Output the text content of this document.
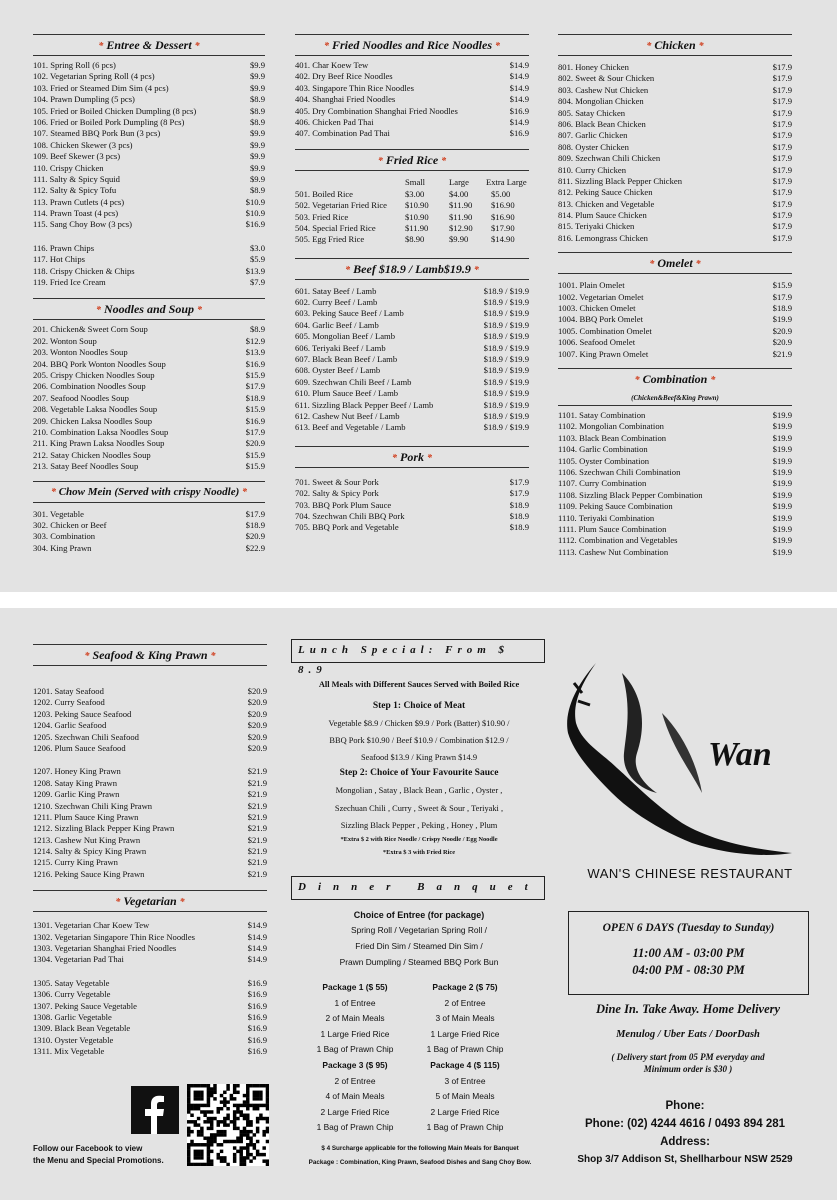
* Entree & Dessert *
101. Spring Roll (6 pcs)	$9.9
102. Vegetarian Spring Roll (4 pcs)	$9.9
103. Fried or Steamed Dim Sim (4 pcs)	$9.9
104. Prawn Dumpling (5 pcs)	$8.9
105. Fried or Boiled Chicken Dumpling (8 pcs)	$8.9
106. Fried or Boiled Pork Dumpling (8 Pcs)	$8.9
107. Steamed BBQ Pork Bun (3 pcs)	$9.9
108. Chicken Skewer (3 pcs)	$9.9
109. Beef Skewer (3 pcs)	$9.9
110. Crispy Chicken	$9.9
111. Salty & Spicy Squid	$9.9
112. Salty & Spicy Tofu	$8.9
113. Prawn Cutlets (4 pcs)	$10.9
114. Prawn Toast (4 pcs)	$10.9
115. Sang Choy Bow (3 pcs)	$16.9
116. Prawn Chips	$3.0
117. Hot Chips	$5.9
118. Crispy Chicken & Chips	$13.9
119. Fried Ice Cream	$7.9
* Noodles and Soup *
201. Chicken& Sweet Corn Soup	$8.9
202. Wonton Soup	$12.9
203. Wonton Noodles Soup	$13.9
204. BBQ Pork Wonton Noodles Soup	$16.9
205. Crispy Chicken Noodles Soup	$15.9
206. Combination Noodles Soup	$17.9
207. Seafood Noodles Soup	$18.9
208. Vegetable Laksa Noodles Soup	$15.9
209. Chicken Laksa Noodles Soup	$16.9
210. Combination Laksa Noodles Soup	$17.9
211. King Prawn Laksa Noodles Soup	$20.9
212. Satay Chicken Noodles Soup	$15.9
213. Satay Beef Noodles Soup	$15.9
* Chow Mein (Served with crispy Noodle) *
301. Vegetable	$17.9
302. Chicken or Beef	$18.9
303. Combination	$20.9
304. King Prawn	$22.9
* Fried Noodles and Rice Noodles *
401. Char Koew Tew	$14.9
402. Dry Beef Rice Noodles	$14.9
403. Singapore Thin Rice Noodles	$14.9
404. Shanghai Fried Noodles	$14.9
405. Dry Combination Shanghai Fried Noodles	$16.9
406. Chicken Pad Thai	$14.9
407. Combination Pad Thai	$16.9
* Fried Rice *
Small	Large Extra Large
501. Boiled Rice	$3.00	$4.00	$5.00
502. Vegetarian Fried Rice $10.90 $11.90 $16.90
503. Fried Rice	$10.90 $11.90 $16.90
504. Special Fried Rice	$11.90 $12.90 $17.90
505. Egg Fried Rice	$8.90	$9.90	$14.90
* Beef $18.9 / Lamb$19.9 *
601. Satay Beef / Lamb	$18.9 / $19.9
602. Curry Beef / Lamb	$18.9 / $19.9
603. Peking Sauce Beef / Lamb	$18.9 / $19.9
604. Garlic Beef / Lamb	$18.9 / $19.9
605. Mongolian Beef / Lamb	$18.9 / $19.9
606. Teriyaki Beef / Lamb	$18.9 / $19.9
607. Black Bean Beef / Lamb	$18.9 / $19.9
608. Oyster Beef / Lamb	$18.9 / $19.9
609. Szechwan Chili Beef / Lamb	$18.9 / $19.9
610. Plum Sauce Beef / Lamb	$18.9 / $19.9
611. Sizzling Black Pepper Beef / Lamb	$18.9 / $19.9
612. Cashew Nut Beef / Lamb	$18.9 / $19.9
613. Beef and Vegetable / Lamb	$18.9 / $19.9
* Pork *
701. Sweet & Sour Pork	$17.9
702. Salty & Spicy Pork	$17.9
703. BBQ Pork Plum Sauce	$18.9
704. Szechwan Chili BBQ Pork	$18.9
705. BBQ Pork and Vegetable	$18.9
* Chicken *
801. Honey Chicken	$17.9
802. Sweet & Sour Chicken	$17.9
803. Cashew Nut Chicken	$17.9
804. Mongolian Chicken	$17.9
805. Satay Chicken	$17.9
806. Black Bean Chicken	$17.9
807. Garlic Chicken	$17.9
808. Oyster Chicken	$17.9
809. Szechwan Chili Chicken	$17.9
810. Curry Chicken	$17.9
811. Sizzling Black Pepper Chicken	$17.9
812. Peking Sauce Chicken	$17.9
813. Chicken and Vegetable	$17.9
814. Plum Sauce Chicken	$17.9
815. Teriyaki Chicken	$17.9
816. Lemongrass Chicken	$17.9
* Omelet *
1001. Plain Omelet	$15.9
1002. Vegetarian Omelet	$17.9
1003. Chicken Omelet	$18.9
1004. BBQ Pork Omelet	$19.9
1005. Combination Omelet	$20.9
1006. Seafood Omelet	$20.9
1007. King Prawn Omelet	$21.9
* Combination *
(Chicken&Beef&King Prawn)
1101. Satay Combination	$19.9
1102. Mongolian Combination	$19.9
1103. Black Bean Combination	$19.9
1104. Garlic Combination	$19.9
1105. Oyster Combination	$19.9
1106. Szechwan Chili Combination	$19.9
1107. Curry Combination	$19.9
1108. Sizzling Black Pepper Combination	$19.9
1109. Peking Sauce Combination	$19.9
1110. Teriyaki Combination	$19.9
1111. Plum Sauce Combination	$19.9
1112. Combination and Vegetables	$19.9
1113. Cashew Nut Combination	$19.9
* Seafood & King Prawn *
1201. Satay Seafood	$20.9
1202. Curry Seafood	$20.9
1203. Peking Sauce Seafood	$20.9
1204. Garlic Seafood	$20.9
1205. Szechwan Chili Seafood	$20.9
1206. Plum Sauce Seafood	$20.9
1207. Honey King Prawn	$21.9
1208. Satay King Prawn	$21.9
1209. Garlic King Prawn	$21.9
1210. Szechwan Chili King Prawn	$21.9
1211. Plum Sauce King Prawn	$21.9
1212. Sizzling Black Pepper King Prawn	$21.9
1213. Cashew Nut King Prawn	$21.9
1214. Salty & Spicy King Prawn	$21.9
1215. Curry King Prawn	$21.9
1216. Peking Sauce King Prawn	$21.9
* Vegetarian *
1301. Vegetarian Char Koew Tew	$14.9
1302. Vegetarian Singapore Thin Rice Noodles	$14.9
1303. Vegetarian Shanghai Fried Noodles	$14.9
1304. Vegetarian Pad Thai	$14.9
1305. Satay Vegetable	$16.9
1306. Curry Vegetable	$16.9
1307. Peking Sauce Vegetable	$16.9
1308. Garlic Vegetable	$16.9
1309. Black Bean Vegetable	$16.9
1310. Oyster Vegetable	$16.9
1311. Mix Vegetable	$16.9
Follow our Facebook to view
the Menu and Special Promotions.
Lunch Special: From $ 8.9
All Meals with Different Sauces Served with Boiled Rice
Step 1: Choice of Meat
Vegetable $8.9 / Chicken $9.9 / Pork (Batter) $10.90 /
BBQ Pork $10.90 / Beef $10.9 / Combination $12.9 /
Seafood $13.9 / King Prawn $14.9
Step 2: Choice of Your Favourite Sauce
Mongolian , Satay , Black Bean , Garlic , Oyster ,
Szechuan Chili , Curry , Sweet & Sour , Teriyaki ,
Sizzling Black Pepper , Peking , Honey , Plum
*Extra $ 2 with Rice Noodle / Crispy Noodle / Egg Noodle
*Extra $ 3 with Fried Rice
Dinner Banquet
Choice of Entree (for package)
Spring Roll / Vegetarian Spring Roll /
Fried Din Sim / Steamed Din Sim /
Prawn Dumpling / Steamed BBQ Pork Bun
Package 1 ($ 55)
1 of Entree
2 of Main Meals
1 Large Fried Rice
1 Bag of Prawn Chip
Package 2 ($ 75)
2 of Entree
3 of Main Meals
1 Large Fried Rice
1 Bag of Prawn Chip
Package 3 ($ 95)
2 of Entree
4 of Main Meals
2 Large Fried Rice
1 Bag of Prawn Chip
Package 4 ($ 115)
3 of Entree
5 of Main Meals
2 Large Fried Rice
1 Bag of Prawn Chip
$ 4 Surcharge applicable for the following Main Meals for Banquet
Package : Combination, King Prawn, Seafood Dishes and Sang Choy Bow.
Wan
WAN'S CHINESE RESTAURANT
OPEN 6 DAYS (Tuesday to Sunday)
11:00 AM - 03:00 PM
04:00 PM - 08:30 PM
Dine In. Take Away. Home Delivery
Menulog / Uber Eats / DoorDash
( Delivery start from 05 PM everyday and
Minimum order is $30 )
Phone:
Phone: (02) 4244 4616 / 0493 894 281
Address:
Shop 3/7 Addison St, Shellharbour NSW 2529
